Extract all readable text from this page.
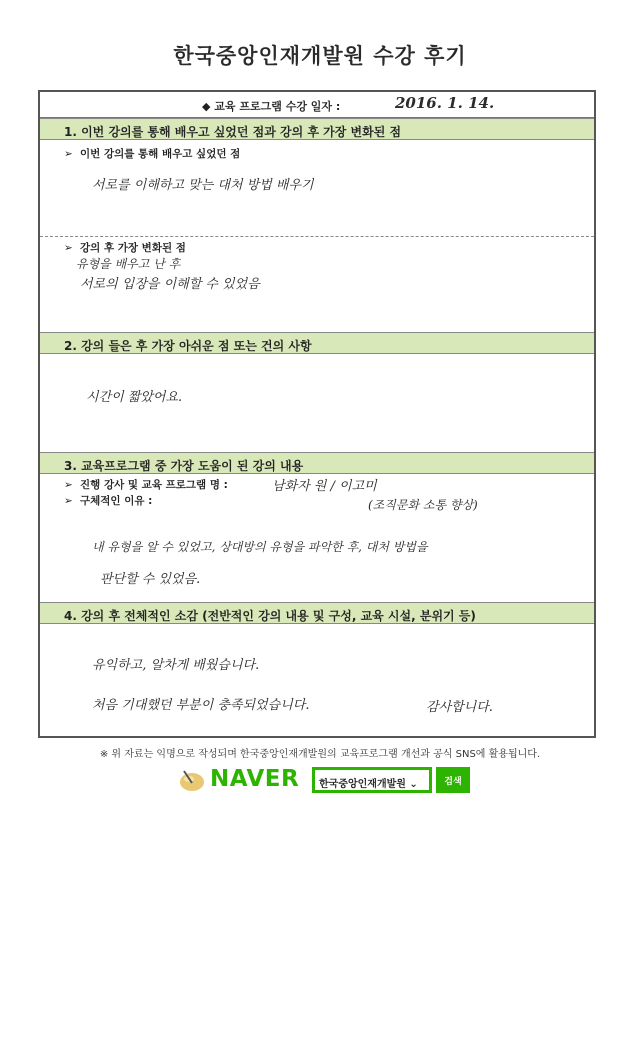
한국중앙인재개발원 수강 후기
◆ 교육 프로그램 수강 일자 :	2016. 1. 14.
1. 이번 강의를 통해 배우고 싶었던 점과 강의 후 가장 변화된 점
➢ 이번 강의를 통해 배우고 싶었던 점
서로를 이해하고 맞는 대처 방법 배우기
➢ 강의 후 가장 변화된 점
유형을 배우고 난 후
서로의 입장을 이해할 수 있었음
2. 강의 들은 후 가장 아쉬운 점 또는 건의 사항
시간이 짧았어요.
3. 교육프로그램 중 가장 도움이 된 강의 내용
➢ 진행 강사 및 교육 프로그램 명 :	남화자 원 / 이고미
➢ 구체적인 이유 :	(조직문화 소통 향상)
내 유형을 알 수 있었고, 상대방의 유형을 파악한 후, 대처 방법을
판단할 수 있었음.
4. 강의 후 전체적인 소감 (전반적인 강의 내용 및 구성, 교육 시설, 분위기 등)
유익하고, 알차게 배웠습니다.
처음 기대했던 부분이 충족되었습니다.	감사합니다.
※ 위 자료는 익명으로 작성되며 한국중앙인재개발원의 교육프로그램 개선과 공식 SNS에 활용됩니다.
NAVER	한국중앙인재개발원 ⌄	검색
